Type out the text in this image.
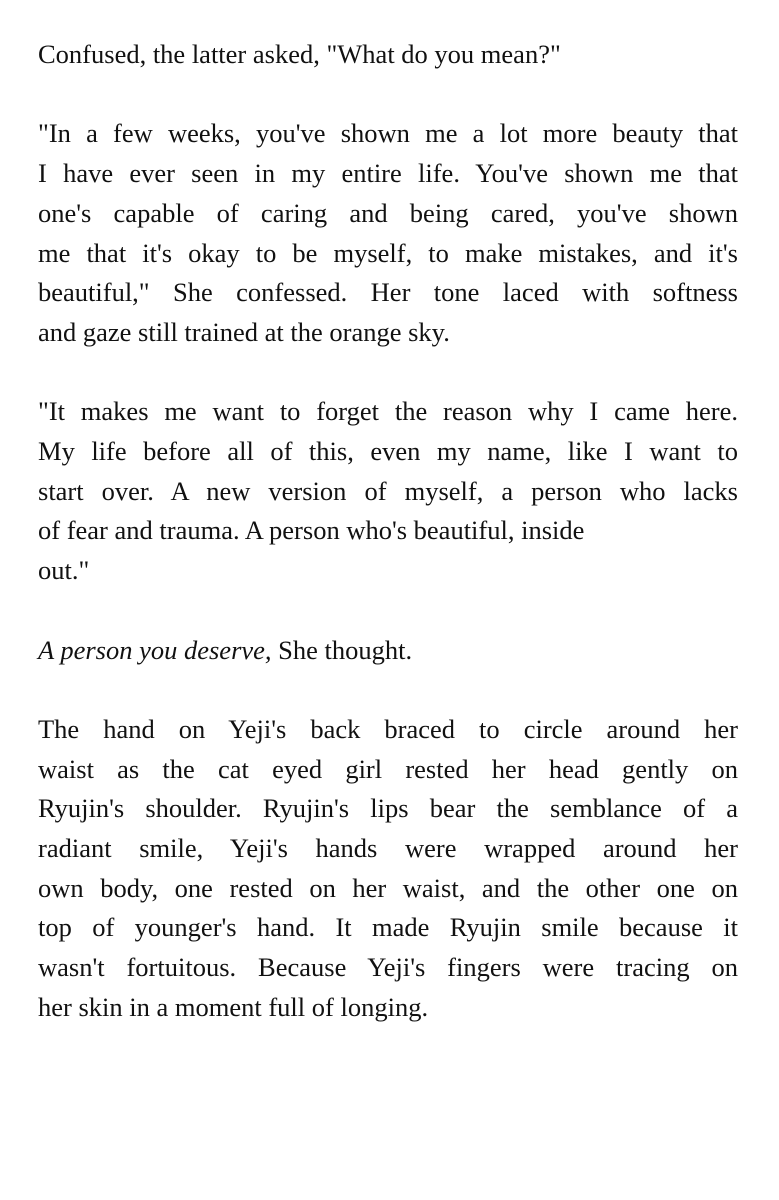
Confused, the latter asked, "What do you mean?"

"In a few weeks, you've shown me a lot more beauty that
I have ever seen in my entire life. You've shown me that
one's capable of caring and being cared, you've shown
me that it's okay to be myself, to make mistakes, and it's
beautiful," She confessed. Her tone laced with softness
and gaze still trained at the orange sky.

"It makes me want to forget the reason why I came here.
My life before all of this, even my name, like I want to
start over. A new version of myself, a person who lacks
of fear and trauma. A person who's beautiful, inside
out."

A person you deserve, She thought.

The hand on Yeji's back braced to circle around her
waist as the cat eyed girl rested her head gently on
Ryujin's shoulder. Ryujin's lips bear the semblance of a
radiant smile, Yeji's hands were wrapped around her
own body, one rested on her waist, and the other one on
top of younger's hand. It made Ryujin smile because it
wasn't fortuitous. Because Yeji's fingers were tracing on
her skin in a moment full of longing.
